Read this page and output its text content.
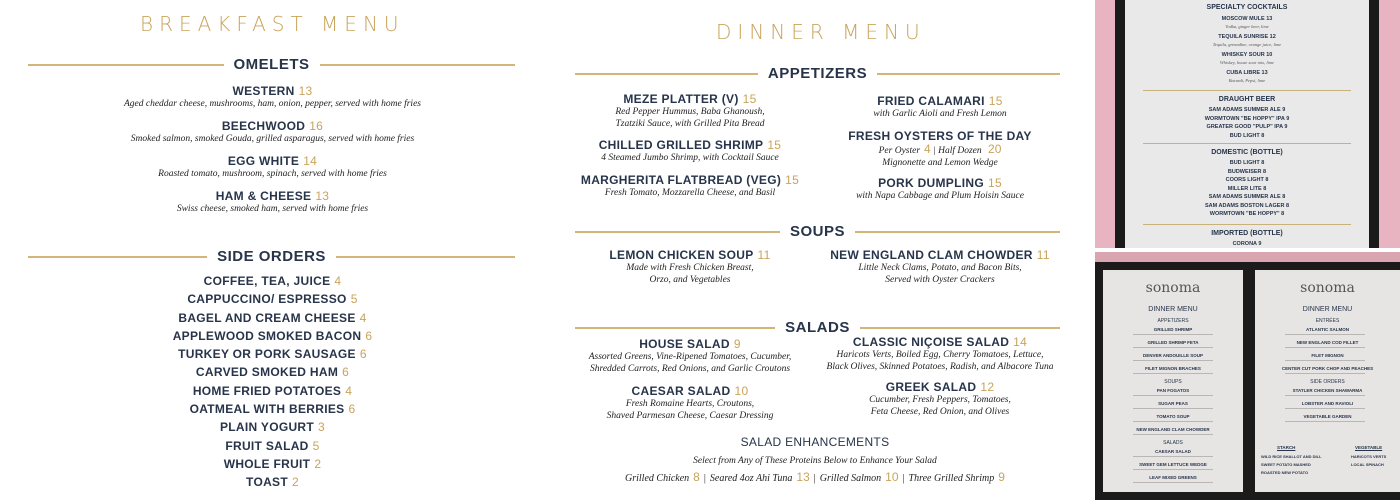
BREAKFAST MENU
OMELETS
WESTERN 13
Aged cheddar cheese, mushrooms, ham, onion, pepper, served with home fries
BEECHWOOD 16
Smoked salmon, smoked Gouda, grilled asparagus, served with home fries
EGG WHITE 14
Roasted tomato, mushroom, spinach, served with home fries
HAM & CHEESE 13
Swiss cheese, smoked ham, served with home fries
SIDE ORDERS
COFFEE, TEA, JUICE 4
CAPPUCCINO/ ESPRESSO 5
BAGEL AND CREAM CHEESE 4
APPLEWOOD SMOKED BACON 6
TURKEY OR PORK SAUSAGE 6
CARVED SMOKED HAM 6
HOME FRIED POTATOES 4
OATMEAL WITH BERRIES 6
PLAIN YOGURT 3
FRUIT SALAD 5
WHOLE FRUIT 2
TOAST 2
DINNER MENU
APPETIZERS
MEZE PLATTER (V) 15
Red Pepper Hummus, Baba Ghanoush,
Tzatziki Sauce, with Grilled Pita Bread
CHILLED GRILLED SHRIMP 15
4 Steamed Jumbo Shrimp, with Cocktail Sauce
MARGHERITA FLATBREAD (VEG) 15
Fresh Tomato, Mozzarella Cheese, and Basil
FRIED CALAMARI 15
with Garlic Aioli and Fresh Lemon
FRESH OYSTERS OF THE DAY
Per Oyster 4 | Half Dozen 20
Mignonette and Lemon Wedge
PORK DUMPLING 15
with Napa Cabbage and Plum Hoisin Sauce
SOUPS
LEMON CHICKEN SOUP 11
Made with Fresh Chicken Breast,
Orzo, and Vegetables
NEW ENGLAND CLAM CHOWDER 11
Little Neck Clams, Potato, and Bacon Bits,
Served with Oyster Crackers
SALADS
HOUSE SALAD 9
Assorted Greens, Vine-Ripened Tomatoes, Cucumber,
Shredded Carrots, Red Onions, and Garlic Croutons
CLASSIC NIÇOISE SALAD 14
Haricots Verts, Boiled Egg, Cherry Tomatoes, Lettuce,
Black Olives, Skinned Potatoes, Radish, and Albacore Tuna
CAESAR SALAD 10
Fresh Romaine Hearts, Croutons,
Shaved Parmesan Cheese, Caesar Dressing
GREEK SALAD 12
Cucumber, Fresh Peppers, Tomatoes,
Feta Cheese, Red Onion, and Olives
SALAD ENHANCEMENTS
Select from Any of These Proteins Below to Enhance Your Salad
Grilled Chicken 8 | Seared 4oz Ahi Tuna 13 | Grilled Salmon 10 | Three Grilled Shrimp 9
SPECIALTY COCKTAILS
MOSCOW MULE 13
Vodka, ginger beer, lime
TEQUILA SUNRISE 12
Tequila, grenadine, orange juice, lime
WHISKEY SOUR 10
Whiskey, house sour mix, lime
CUBA LIBRE 13
Bacardi, Pepsi, lime
DRAUGHT BEER
SAM ADAMS SUMMER ALE 9
WORMTOWN "BE HOPPY" IPA 9
GREATER GOOD "PULP" IPA 9
BUD LIGHT 8
DOMESTIC (BOTTLE)
BUD LIGHT 8
BUDWEISER 8
COORS LIGHT 8
MILLER LITE 8
SAM ADAMS SUMMER ALE 8
SAM ADAMS BOSTON LAGER 8
WORMTOWN "BE HOPPY" 8
IMPORTED (BOTTLE)
CORONA 9
sonoma
DINNER MENU
APPETIZERS
GRILLED SHRIMP
GRILLED SHRIMP FETA
DENVER ANDOUILLE SOUP
FILET MIGNON BRACHES
SOUPS
PAN FOGATOS
SUGAR PEAS
TOMATO SOUP
NEW ENGLAND CLAM CHOWDER
SALADS
CAESAR SALAD
SWEET GEM LETTUCE WEDGE
LEAF MIXED GREENS
sonoma
DINNER MENU
ENTRÉES
ATLANTIC SALMON
NEW ENGLAND COD FILLET
FILET MIGNON
CENTER CUT PORK CHOP AND PEACHES
SIDE ORDERS
STATLER CHICKEN SHAWARMA
LOBSTER AND RAVIOLI
VEGETABLE GARDEN
STARCH	VEGETABLE
WILD RICE SHALLOT AND DILL
SWEET POTATO MASHED
ROASTED NEW POTATO
HARICOTS VERTS
LOCAL SPINACH
